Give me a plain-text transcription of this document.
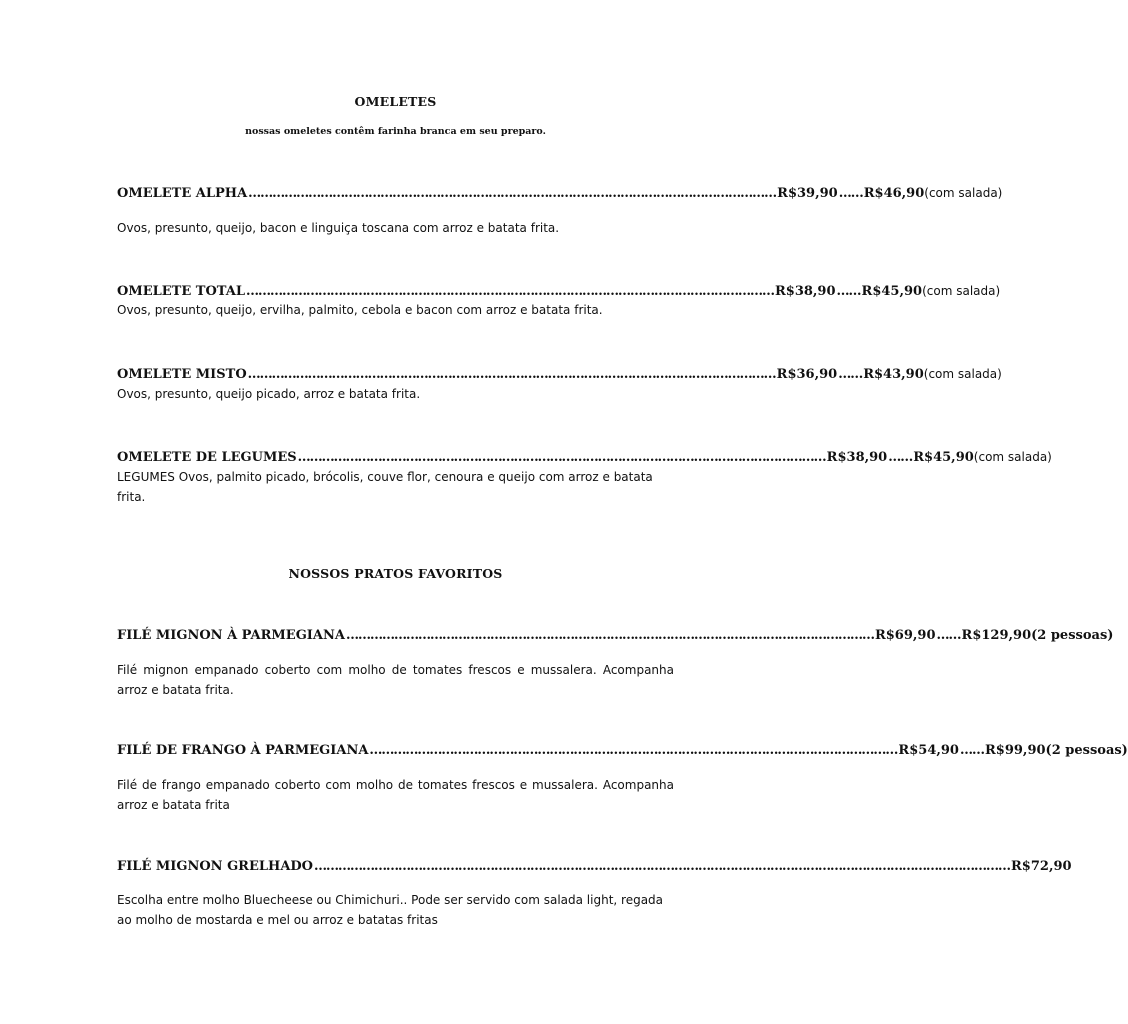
OMELETES
nossas omeletes contêm farinha branca em seu preparo.
OMELETE ALPHA …………………………………………………………………………………………………………………… R$39,90 …… R$46,90 (com salada)
Ovos, presunto, queijo, bacon e linguiça toscana com arroz e batata frita.
OMELETE TOTAL …………………………………………………………………………………………………………………… R$38,90 …… R$45,90 (com salada)
Ovos, presunto, queijo, ervilha, palmito, cebola e bacon com arroz e batata frita.
OMELETE MISTO …………………………………………………………………………………………………………………… R$36,90 …… R$43,90 (com salada)
Ovos, presunto, queijo picado, arroz e batata frita.
OMELETE DE LEGUMES …………………………………………………………………………………………………………………… R$38,90 …… R$45,90 (com salada)
LEGUMES Ovos, palmito picado, brócolis, couve flor, cenoura e queijo com arroz e batata frita.
NOSSOS PRATOS FAVORITOS
FILÉ MIGNON À PARMEGIANA …………………………………………………………………………………………………………………… R$69,90 …… R$129,90 (2 pessoas)
Filé mignon empanado coberto com molho de tomates frescos e mussalera. Acompanha arroz e batata frita.
FILÉ DE FRANGO À PARMEGIANA …………………………………………………………………………………………………………………… R$54,90 …… R$99,90 (2 pessoas)
Filé de frango empanado coberto com molho de tomates frescos e mussalera. Acompanha arroz e batata frita
FILÉ MIGNON GRELHADO ………………………………………………………………………………………………………………………………………………………… R$72,90
Escolha entre molho Bluecheese ou Chimichuri.. Pode ser servido com salada light, regada ao molho de mostarda e mel ou arroz e batatas fritas
